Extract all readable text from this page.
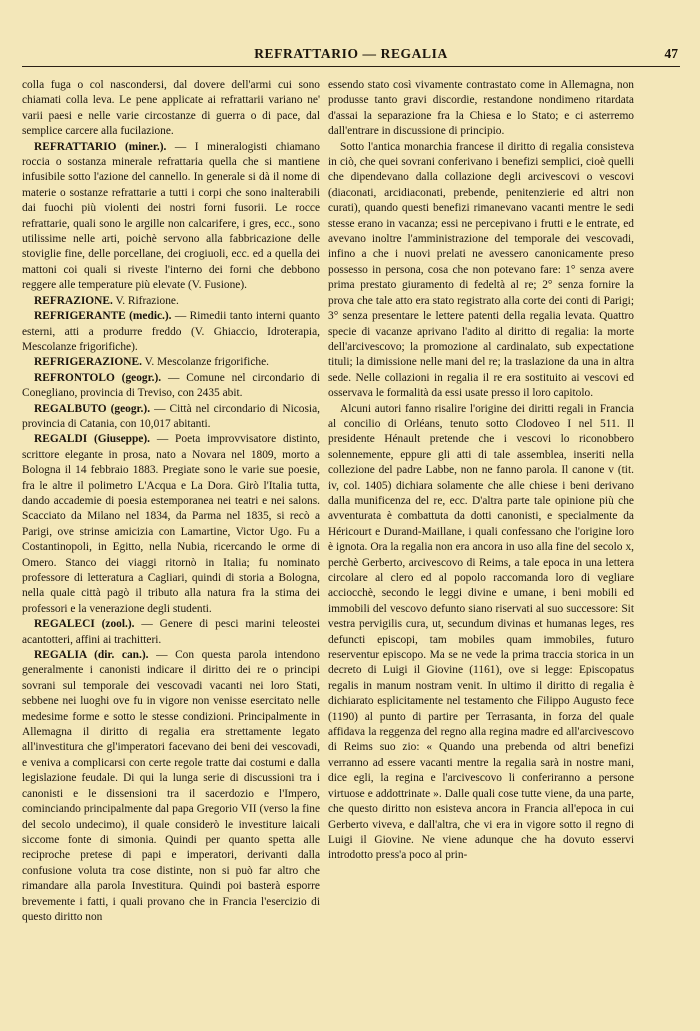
REFRATTARIO — REGALIA	47

colla fuga o col nascondersi, dal dovere dell'armi cui sono chiamati colla leva. Le pene applicate ai refrattarii variano ne' varii paesi e nelle varie circostanze di guerra o di pace, dal semplice carcere alla fucilazione.

REFRATTARIO (miner.). — I mineralogisti chiamano roccia o sostanza minerale refrattaria quella che si mantiene infusibile sotto l'azione del cannello. In generale si dà il nome di materie o sostanze refrattarie a tutti i corpi che sono inalterabili dai fuochi più violenti dei nostri forni fusorii. Le rocce refrattarie, quali sono le argille non calcarifere, i gres, ecc., sono utilissime nelle arti, poichè servono alla fabbricazione delle stoviglie fine, delle porcellane, dei crogiuoli, ecc. ed a quella dei mattoni coi quali si riveste l'interno dei forni che debbono reggere alle temperature più elevate (V. Fusione).

REFRAZIONE. V. Rifrazione.

REFRIGERANTE (medic.). — Rimedii tanto interni quanto esterni, atti a produrre freddo (V. Ghiaccio, Idroterapia, Mescolanze frigorifiche).

REFRIGERAZIONE. V. Mescolanze frigorifiche.

REFRONTOLO (geogr.). — Comune nel circondario di Conegliano, provincia di Treviso, con 2435 abit.

REGALBUTO (geogr.). — Città nel circondario di Nicosia, provincia di Catania, con 10,017 abitanti.

REGALDI (Giuseppe). — Poeta improvvisatore distinto, scrittore elegante in prosa, nato a Novara nel 1809, morto a Bologna il 14 febbraio 1883. Pregiate sono le varie sue poesie, fra le altre il polimetro L'Acqua e La Dora. Girò l'Italia tutta, dando accademie di poesia estemporanea nei teatri e nei salons. Scacciato da Milano nel 1834, da Parma nel 1835, si recò a Parigi, ove strinse amicizia con Lamartine, Victor Ugo. Fu a Costantinopoli, in Egitto, nella Nubia, ricercando le orme di Omero. Stanco dei viaggi ritornò in Italia; fu nominato professore di letteratura a Cagliari, quindi di storia a Bologna, nella quale città pagò il tributo alla natura fra la stima dei professori e la venerazione degli studenti.

REGALECI (zool.). — Genere di pesci marini teleostei acantotteri, affini ai trachitteri.

REGALIA (dir. can.). — Con questa parola intendono generalmente i canonisti indicare il diritto dei re o principi sovrani sul temporale dei vescovadi vacanti nei loro Stati, sebbene nei luoghi ove fu in vigore non venisse esercitato nelle medesime forme e sotto le stesse condizioni. Principalmente in Allemagna il diritto di regalia era strettamente legato all'investitura che gl'imperatori facevano dei beni dei vescovadi, e veniva a complicarsi con certe regole tratte dai costumi e dalla legislazione feudale. Di qui la lunga serie di discussioni tra i canonisti e le dissensioni tra il sacerdozio e l'Impero, cominciando principalmente dal papa Gregorio VII (verso la fine del secolo undecimo), il quale considerò le investiture laicali siccome fonte di simonia. Quindi per quanto spetta alle reciproche pretese di papi e imperatori, derivanti dalla confusione voluta tra cose distinte, non si può far altro che rimandare alla parola Investitura. Quindi poi basterà esporre brevemente i fatti, i quali provano che in Francia l'esercizio di questo diritto non

essendo stato così vivamente contrastato come in Allemagna, non produsse tanto gravi discordie, restandone nondimeno ritardata d'assai la separazione fra la Chiesa e lo Stato; e ci asterremo dall'entrare in discussione di principio.

Sotto l'antica monarchia francese il diritto di regalia consisteva in ciò, che quei sovrani conferivano i benefizi semplici, cioè quelli che dipendevano dalla collazione degli arcivescovi o vescovi (diaconati, arcidiaconati, prebende, penitenzierie ed altri non curati), quando questi benefizi rimanevano vacanti mentre le sedi stesse erano in vacanza; essi ne percepivano i frutti e le entrate, ed avevano inoltre l'amministrazione del temporale dei vescovadi, infino a che i nuovi prelati ne avessero canonicamente preso possesso in persona, cosa che non potevano fare: 1° senza avere prima prestato giuramento di fedeltà al re; 2° senza fornire la prova che tale atto era stato registrato alla corte dei conti di Parigi; 3° senza presentare le lettere patenti della regalia levata. Quattro specie di vacanze aprivano l'adito al diritto di regalia: la morte dell'arcivescovo; la promozione al cardinalato, sub expectatione tituli; la dimissione nelle mani del re; la traslazione da una in altra sede. Nelle collazioni in regalia il re era sostituito ai vescovi ed osservava le formalità da essi usate presso il loro capitolo.

Alcuni autori fanno risalire l'origine dei diritti regali in Francia al concilio di Orléans, tenuto sotto Clodoveo I nel 511. Il presidente Hénault pretende che i vescovi lo riconobbero solennemente, eppure gli atti di tale assemblea, inseriti nella collezione del padre Labbe, non ne fanno parola. Il canone v (tit. iv, col. 1405) dichiara solamente che alle chiese i beni derivano dalla munificenza del re, ecc. D'altra parte tale opinione più che avventurata è combattuta da dotti canonisti, e specialmente da Héricourt e Durand-Maillane, i quali confessano che l'origine loro è ignota. Ora la regalia non era ancora in uso alla fine del secolo x, perchè Gerberto, arcivescovo di Reims, a tale epoca in una lettera circolare al clero ed al popolo raccomanda loro di vegliare acciocchè, secondo le leggi divine e umane, i beni mobili ed immobili del vescovo defunto siano riservati al suo successore: Sit vestra pervigilis cura, ut, secundum divinas et humanas leges, res defuncti episcopi, tam mobiles quam immobiles, futuro reserventur episcopo. Ma se ne vede la prima traccia storica in un decreto di Luigi il Giovine (1161), ove si legge: Episcopatus regalis in manum nostram venit. In ultimo il diritto di regalia è dichiarato esplicitamente nel testamento che Filippo Augusto fece (1190) al punto di partire per Terrasanta, in forza del quale affidava la reggenza del regno alla regina madre ed all'arcivescovo di Reims suo zio: « Quando una prebenda od altri benefizi verranno ad essere vacanti mentre la regalia sarà in nostre mani, dice egli, la regina e l'arcivescovo li conferiranno a persone virtuose e addottrinate ». Dalle quali cose tutte viene, da una parte, che questo diritto non esisteva ancora in Francia all'epoca in cui Gerberto viveva, e dall'altra, che vi era in vigore sotto il regno di Luigi il Giovine. Ne viene adunque che ha dovuto esservi introdotto press'a poco al prin-
